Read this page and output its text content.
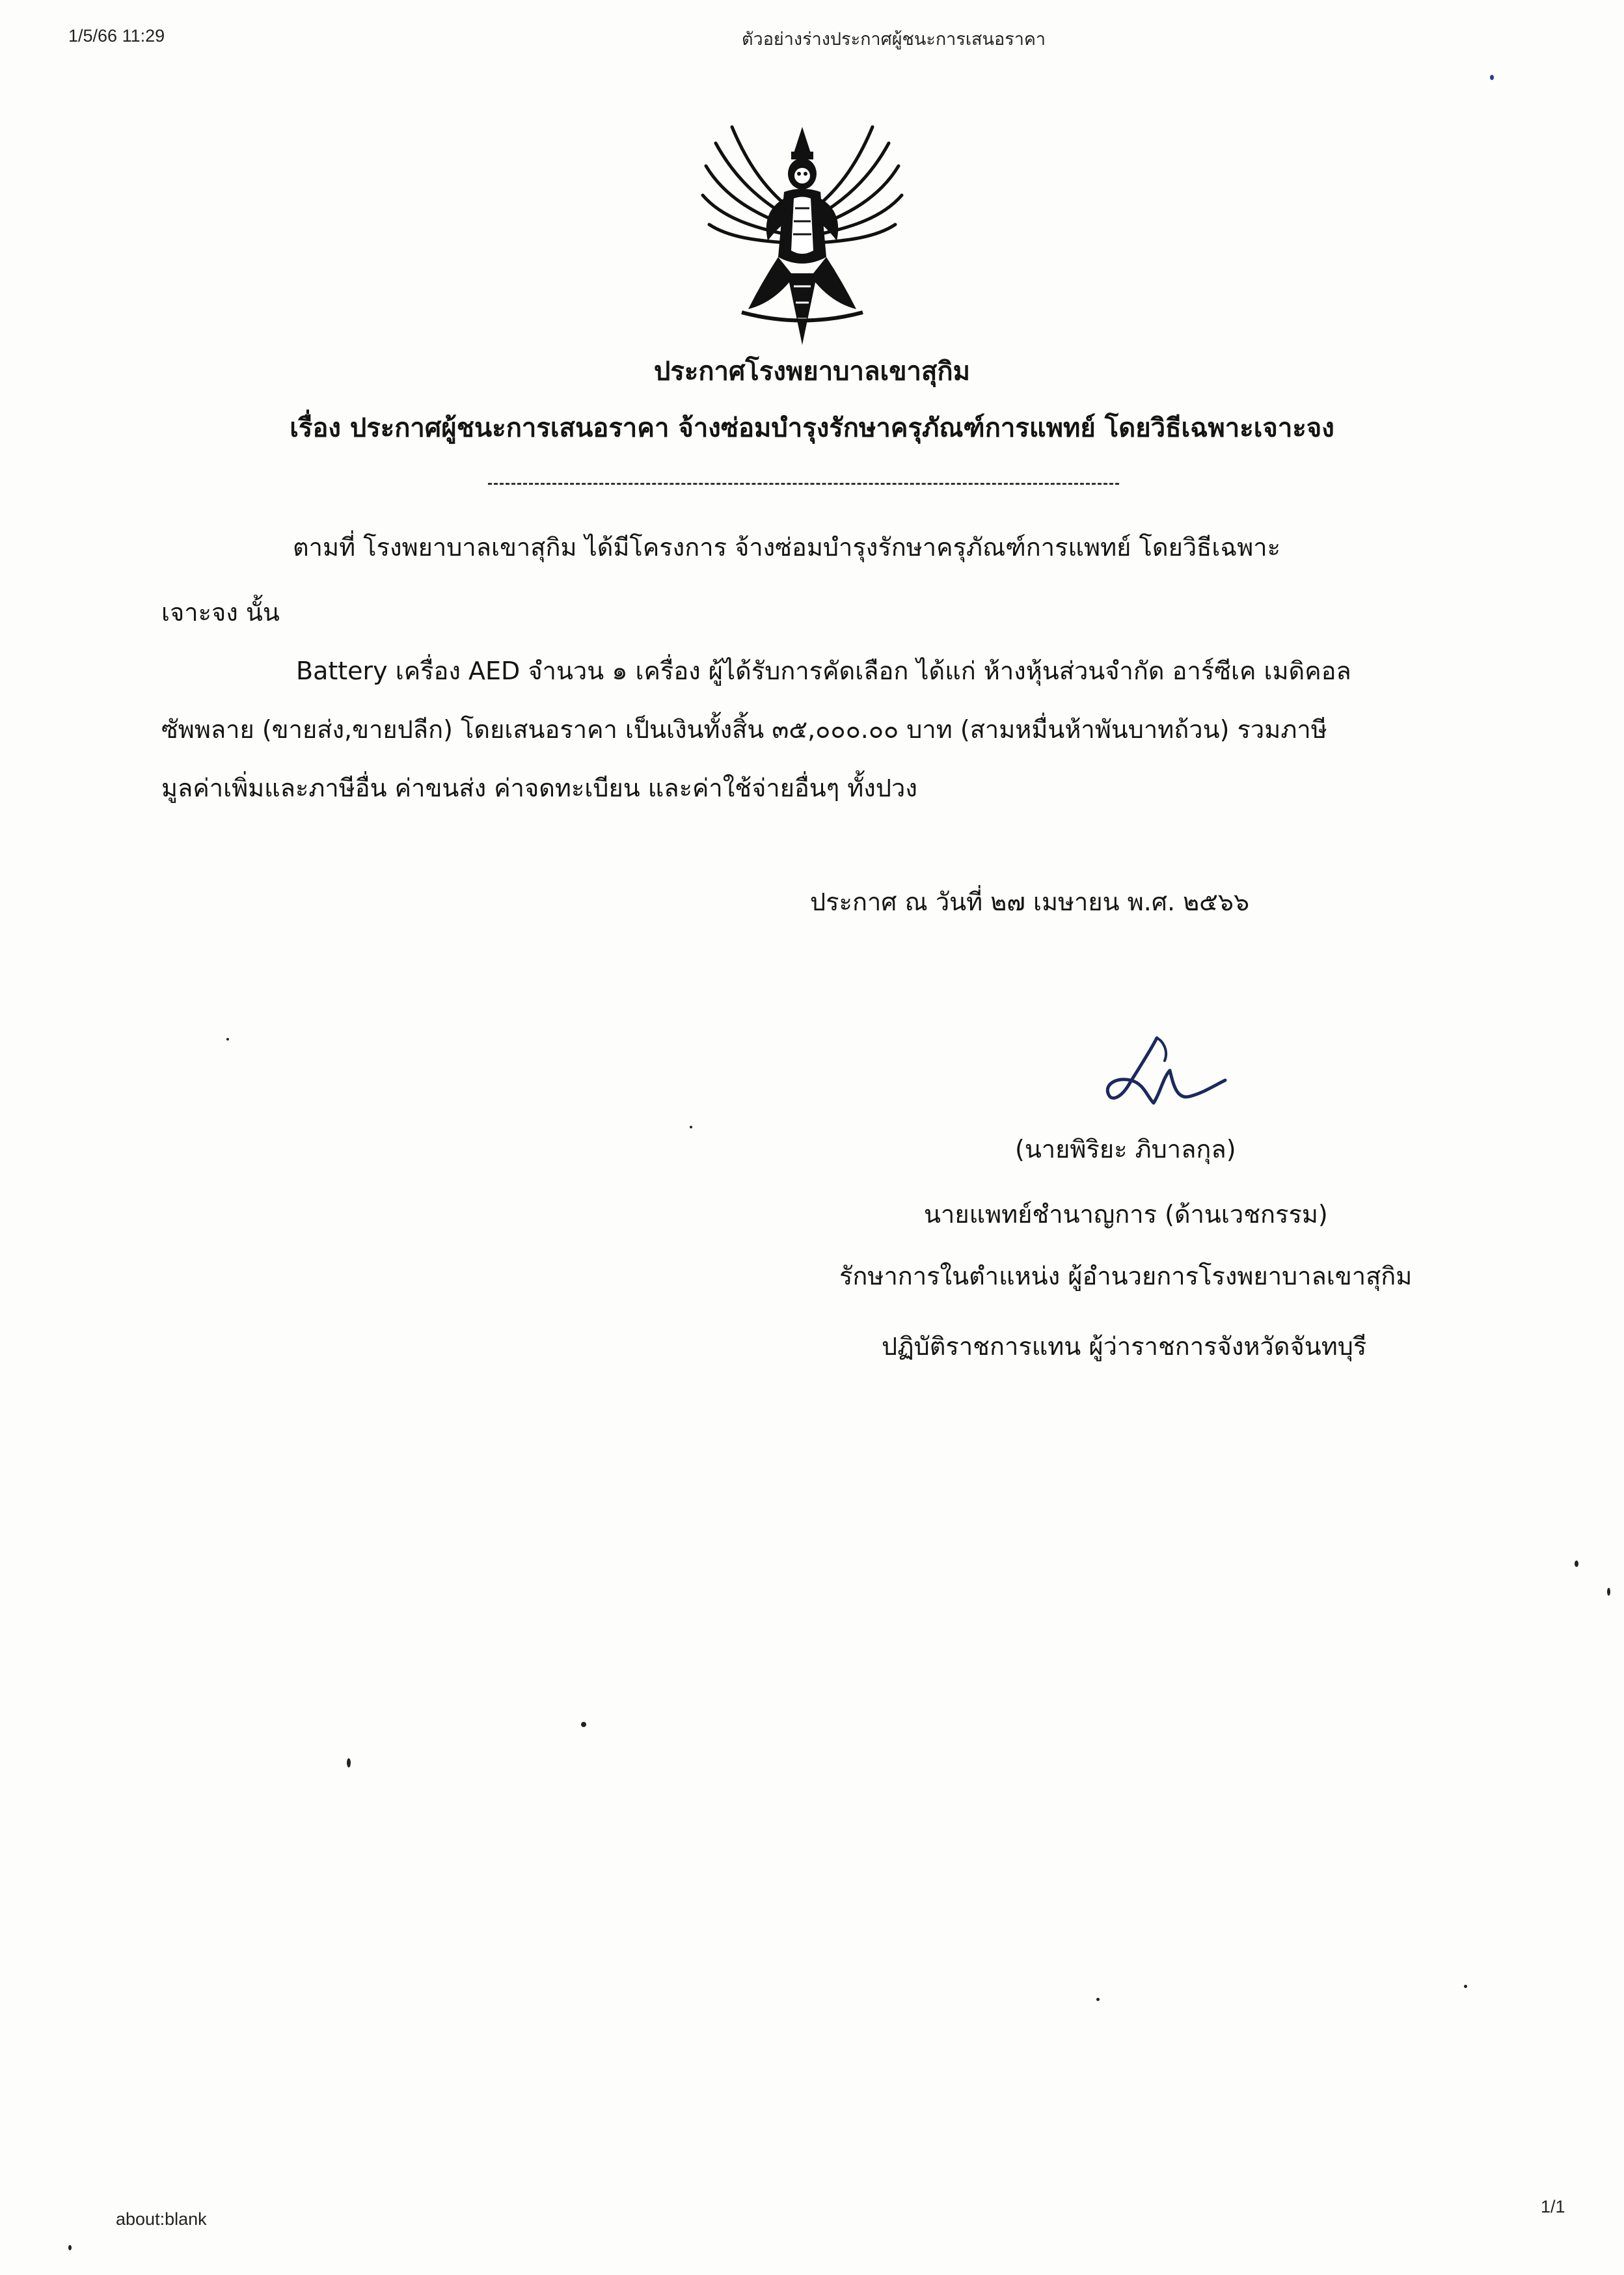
1/5/66 11:29	ตัวอย่างร่างประกาศผู้ชนะการเสนอราคา
ประกาศโรงพยาบาลเขาสุกิม
เรื่อง ประกาศผู้ชนะการเสนอราคา จ้างซ่อมบำรุงรักษาครุภัณฑ์การแพทย์ โดยวิธีเฉพาะเจาะจง
ตามที่ โรงพยาบาลเขาสุกิม ได้มีโครงการ จ้างซ่อมบำรุงรักษาครุภัณฑ์การแพทย์ โดยวิธีเฉพาะ
เจาะจง นั้น
Battery เครื่อง AED จำนวน ๑ เครื่อง ผู้ได้รับการคัดเลือก ได้แก่ ห้างหุ้นส่วนจำกัด อาร์ซีเค เมดิคอล
ซัพพลาย (ขายส่ง,ขายปลีก) โดยเสนอราคา เป็นเงินทั้งสิ้น ๓๕,๐๐๐.๐๐ บาท (สามหมื่นห้าพันบาทถ้วน) รวมภาษี
มูลค่าเพิ่มและภาษีอื่น ค่าขนส่ง ค่าจดทะเบียน และค่าใช้จ่ายอื่นๆ ทั้งปวง
ประกาศ ณ วันที่ ๒๗ เมษายน พ.ศ. ๒๕๖๖
(นายพิริยะ ภิบาลกุล)
นายแพทย์ชำนาญการ (ด้านเวชกรรม)
รักษาการในตำแหน่ง ผู้อำนวยการโรงพยาบาลเขาสุกิม
ปฏิบัติราชการแทน ผู้ว่าราชการจังหวัดจันทบุรี
about:blank
1/1
